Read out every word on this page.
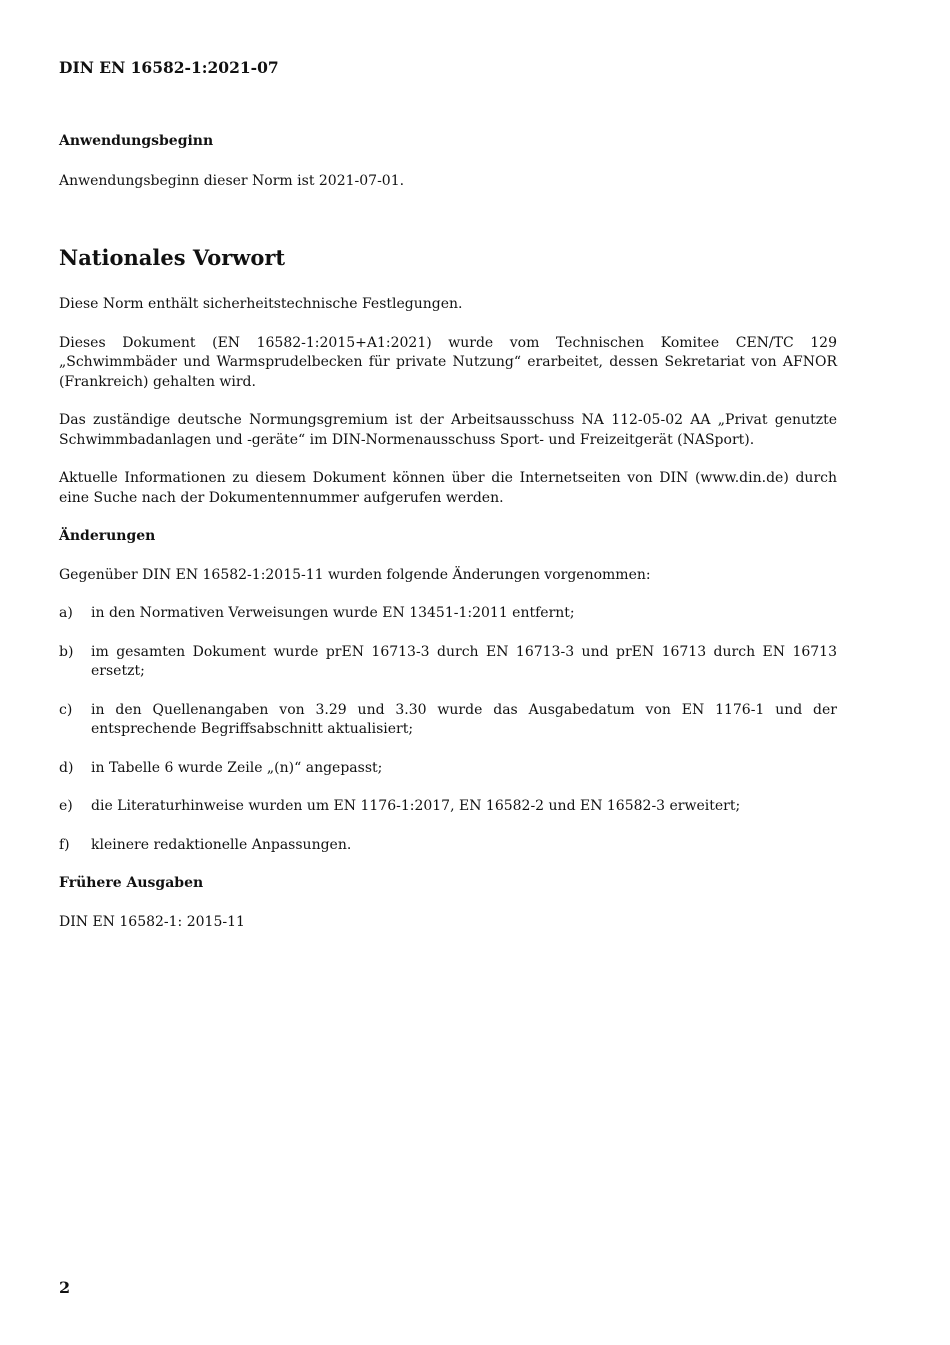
DIN EN 16582-1:2021-07
Anwendungsbeginn
Anwendungsbeginn dieser Norm ist 2021-07-01.
Nationales Vorwort
Diese Norm enthält sicherheitstechnische Festlegungen.
Dieses Dokument (EN 16582-1:2015+A1:2021) wurde vom Technischen Komitee CEN/TC 129 „Schwimmbäder und Warmsprudelbecken für private Nutzung“ erarbeitet, dessen Sekretariat von AFNOR (Frankreich) gehalten wird.
Das zuständige deutsche Normungsgremium ist der Arbeitsausschuss NA 112-05-02 AA „Privat genutzte Schwimmbadanlagen und -geräte“ im DIN-Normenausschuss Sport- und Freizeitgerät (NASport).
Aktuelle Informationen zu diesem Dokument können über die Internetseiten von DIN (www.din.de) durch eine Suche nach der Dokumentennummer aufgerufen werden.
Änderungen
Gegenüber DIN EN 16582-1:2015-11 wurden folgende Änderungen vorgenommen:
a)	in den Normativen Verweisungen wurde EN 13451-1:2011 entfernt;
b)	im gesamten Dokument wurde prEN 16713-3 durch EN 16713-3 und prEN 16713 durch EN 16713 ersetzt;
c)	in den Quellenangaben von 3.29 und 3.30 wurde das Ausgabedatum von EN 1176-1 und der entsprechende Begriffsabschnitt aktualisiert;
d)	in Tabelle 6 wurde Zeile „(n)“ angepasst;
e)	die Literaturhinweise wurden um EN 1176-1:2017, EN 16582-2 und EN 16582-3 erweitert;
f)	kleinere redaktionelle Anpassungen.
Frühere Ausgaben
DIN EN 16582-1: 2015-11
2
